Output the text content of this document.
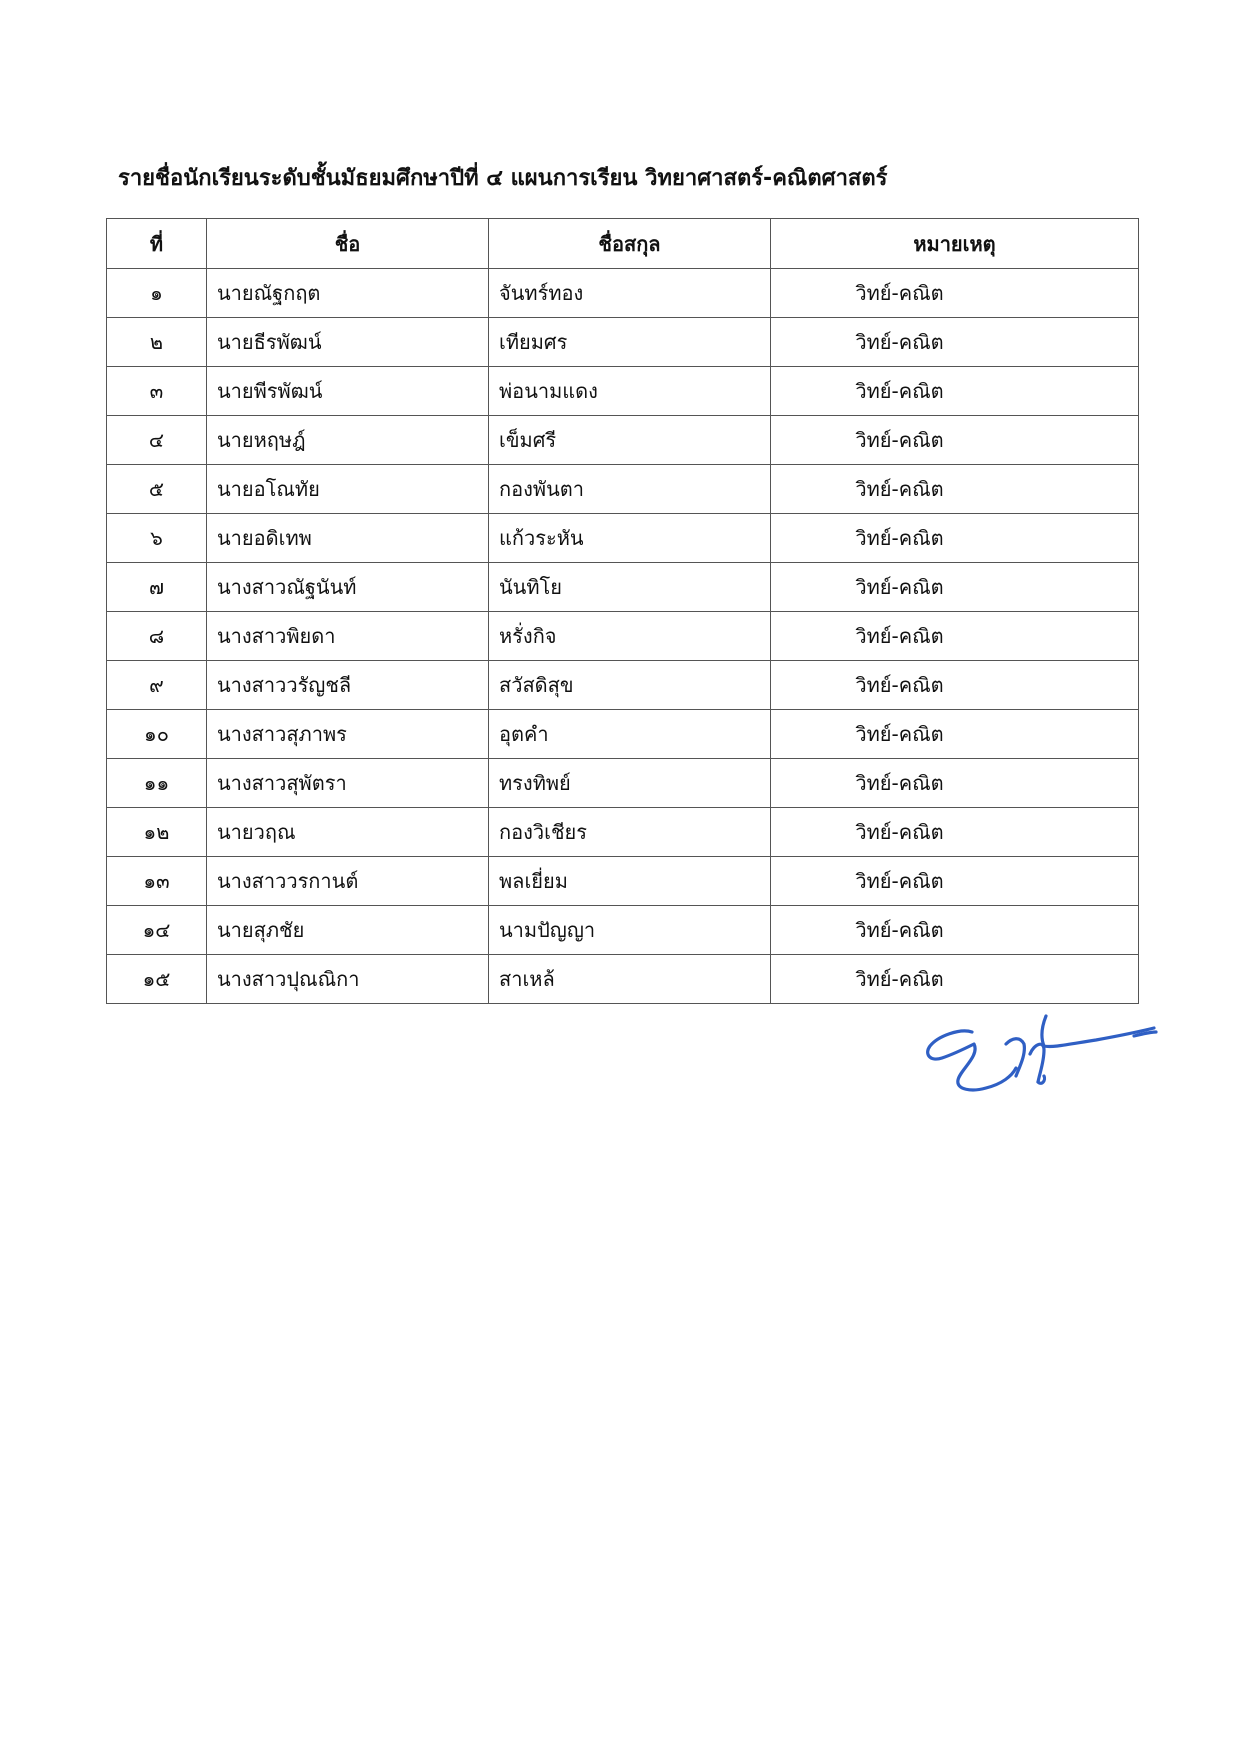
รายชื่อนักเรียนระดับชั้นมัธยมศึกษาปีที่ ๔ แผนการเรียน วิทยาศาสตร์-คณิตศาสตร์
ที่	ชื่อ	ชื่อสกุล	หมายเหตุ
๑	นายณัฐกฤต	จันทร์ทอง	วิทย์-คณิต
๒	นายธีรพัฒน์	เทียมศร	วิทย์-คณิต
๓	นายพีรพัฒน์	พ่อนามแดง	วิทย์-คณิต
๔	นายหฤษฎ์	เข็มศรี	วิทย์-คณิต
๕	นายอโณทัย	กองพันตา	วิทย์-คณิต
๖	นายอดิเทพ	แก้วระหัน	วิทย์-คณิต
๗	นางสาวณัฐนันท์	นันทิโย	วิทย์-คณิต
๘	นางสาวพิยดา	หรั่งกิจ	วิทย์-คณิต
๙	นางสาววรัญชลี	สวัสดิสุข	วิทย์-คณิต
๑๐	นางสาวสุภาพร	อุตคำ	วิทย์-คณิต
๑๑	นางสาวสุพัตรา	ทรงทิพย์	วิทย์-คณิต
๑๒	นายวฤณ	กองวิเชียร	วิทย์-คณิต
๑๓	นางสาววรกานต์	พลเยี่ยม	วิทย์-คณิต
๑๔	นายสุภชัย	นามปัญญา	วิทย์-คณิต
๑๕	นางสาวปุณณิกา	สาเหล้	วิทย์-คณิต
